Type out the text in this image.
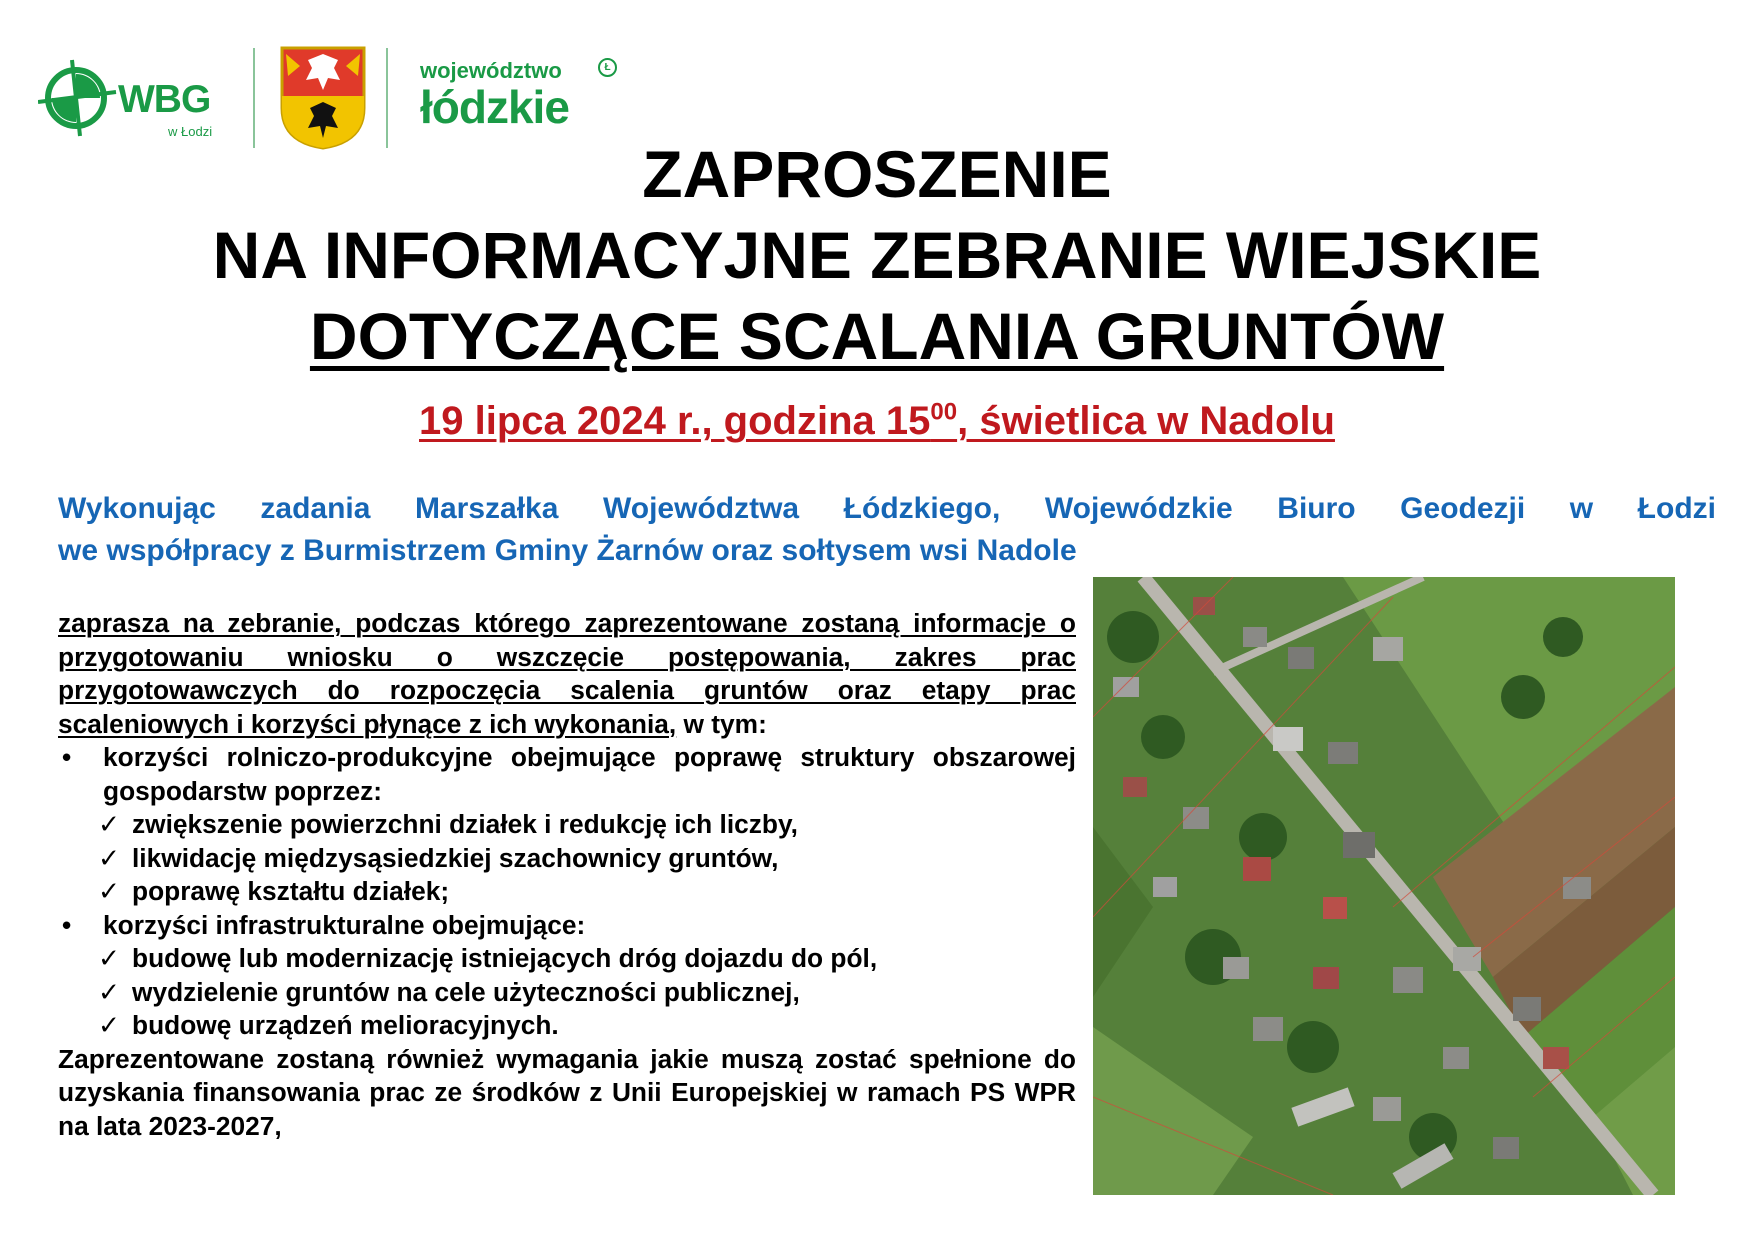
WBG
w Łodzi
województwo
łódzkie
Ł
ZAPROSZENIE
NA INFORMACYJNE ZEBRANIE WIEJSKIE
DOTYCZĄCE SCALANIA GRUNTÓW
19 lipca 2024 r., godzina $15^{00}$, świetlica w Nadolu
Wykonując zadania Marszałka Województwa Łódzkiego, Wojewódzkie Biuro Geodezji w Łodzi
we współpracy z Burmistrzem Gminy Żarnów oraz sołtysem wsi Nadole
zaprasza na zebranie, podczas którego zaprezentowane zostaną informacje o przygotowaniu wniosku o wszczęcie postępowania, zakres prac przygotowawczych do rozpoczęcia scalenia gruntów oraz etapy prac scaleniowych i korzyści płynące z ich wykonania, w tym:
• korzyści rolniczo-produkcyjne obejmujące poprawę struktury obszarowej gospodarstw poprzez:
✓ zwiększenie powierzchni działek i redukcję ich liczby,
✓ likwidację międzysąsiedzkiej szachownicy gruntów,
✓ poprawę kształtu działek;
• korzyści infrastrukturalne obejmujące:
✓ budowę lub modernizację istniejących dróg dojazdu do pól,
✓ wydzielenie gruntów na cele użyteczności publicznej,
✓ budowę urządzeń melioracyjnych.
Zaprezentowane zostaną również wymagania jakie muszą zostać spełnione do uzyskania finansowania prac ze środków z Unii Europejskiej w ramach PS WPR na lata 2023-2027,
